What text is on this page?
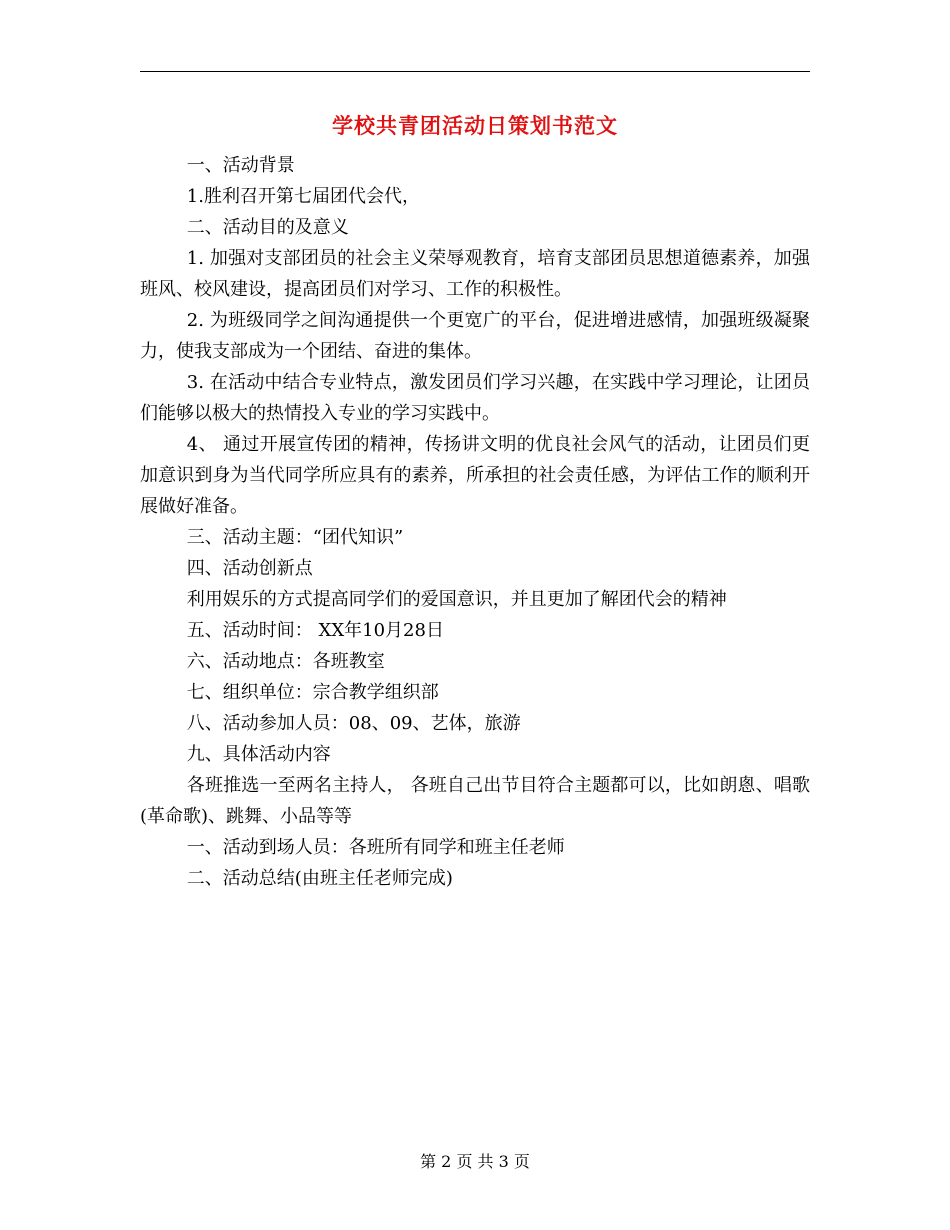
学校共青团活动日策划书范文

一、活动背景

1.胜利召开第七届团代会代，

二、活动目的及意义

1. 加强对支部团员的社会主义荣辱观教育，培育支部团员思想道德素养，加强班风、校风建设，提高团员们对学习、工作的积极性。

2. 为班级同学之间沟通提供一个更宽广的平台，促进增进感情，加强班级凝聚力，使我支部成为一个团结、奋进的集体。

3. 在活动中结合专业特点，激发团员们学习兴趣，在实践中学习理论，让团员们能够以极大的热情投入专业的学习实践中。

4、 通过开展宣传团的精神，传扬讲文明的优良社会风气的活动，让团员们更加意识到身为当代同学所应具有的素养，所承担的社会责任感，为评估工作的顺利开展做好准备。

三、活动主题：“团代知识”

四、活动创新点

利用娱乐的方式提高同学们的爱国意识，并且更加了解团代会的精神

五、活动时间： XX年10月28日

六、活动地点：各班教室

七、组织单位：宗合教学组织部

八、活动参加人员：08、09、艺体，旅游

九、具体活动内容

各班推选一至两名主持人， 各班自己出节目符合主题都可以，比如朗悤、唱歌(革命歌)、跳舞、小品等等

一、活动到场人员：各班所有同学和班主任老师

二、活动总结(由班主任老师完成)

第 2 页 共 3 页
